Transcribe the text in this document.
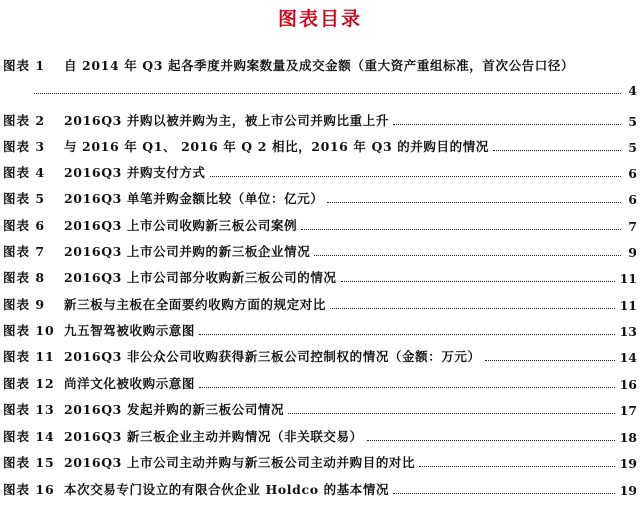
图表目录
图表 1	自 2014 年 Q3 起各季度并购案数量及成交金额（重大资产重组标准，首次公告口径）
4
图表 2	2016Q3 并购以被并购为主，被上市公司并购比重上升	5
图表 3	与 2016 年 Q1、 2016 年 Q 2 相比，2016 年 Q3 的并购目的情况	5
图表 4	2016Q3 并购支付方式	6
图表 5	2016Q3 单笔并购金额比较（单位：亿元）	6
图表 6	2016Q3 上市公司收购新三板公司案例	7
图表 7	2016Q3 上市公司并购的新三板企业情况	9
图表 8	2016Q3 上市公司部分收购新三板公司的情况	11
图表 9	新三板与主板在全面要约收购方面的规定对比	11
图表 10 九五智驾被收购示意图	13
图表 11 2016Q3 非公众公司收购获得新三板公司控制权的情况（金额：万元）	14
图表 12 尚洋文化被收购示意图	16
图表 13 2016Q3 发起并购的新三板公司情况	17
图表 14 2016Q3 新三板企业主动并购情况（非关联交易）	18
图表 15 2016Q3 上市公司主动并购与新三板公司主动并购目的对比	19
图表 16 本次交易专门设立的有限合伙企业 Holdco 的基本情况	19
